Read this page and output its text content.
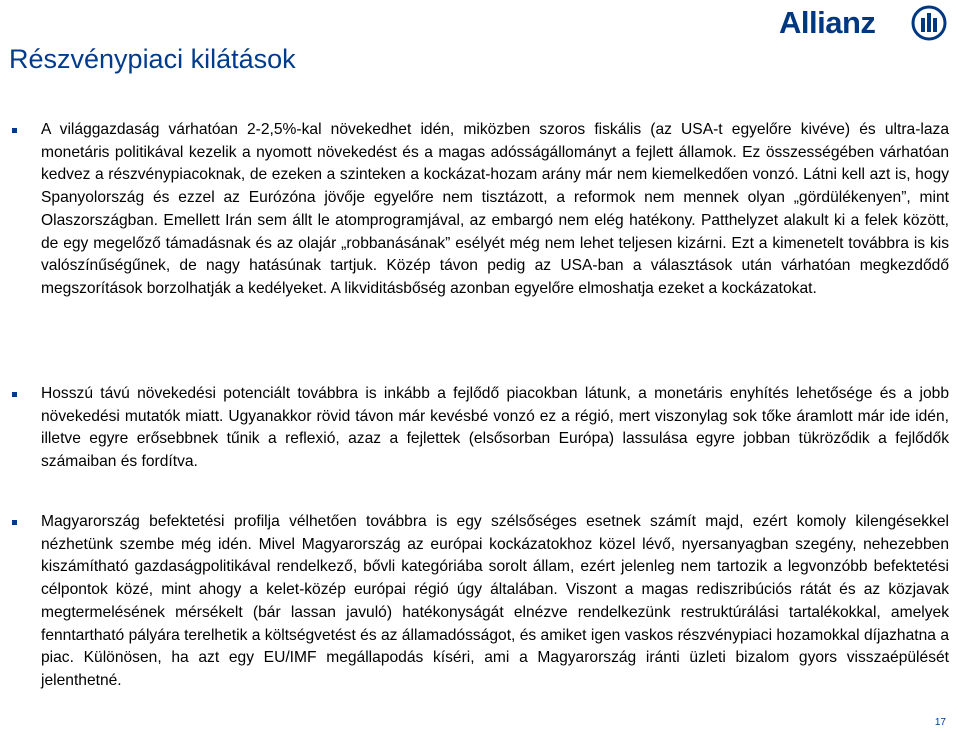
Részvénypiaci kilátások
Allianz
A világgazdaság várhatóan 2-2,5%-kal növekedhet idén, miközben szoros fiskális (az USA-t egyelőre kivéve) és ultra-laza monetáris politikával kezelik a nyomott növekedést és a magas adósságállományt a fejlett államok. Ez összességében várhatóan kedvez a részvénypiacoknak, de ezeken a szinteken a kockázat-hozam arány már nem kiemelkedően vonzó. Látni kell azt is, hogy Spanyolország és ezzel az Eurózóna jövője egyelőre nem tisztázott, a reformok nem mennek olyan „gördülékenyen”, mint Olaszországban. Emellett Irán sem állt le atomprogramjával, az embargó nem elég hatékony. Patthelyzet alakult ki a felek között, de egy megelőző támadásnak és az olajár „robbanásának” esélyét még nem lehet teljesen kizárni. Ezt a kimenetelt továbbra is kis valószínűségűnek, de nagy hatásúnak tartjuk. Közép távon pedig az USA-ban a választások után várhatóan megkezdődő megszorítások borzolhatják a kedélyeket. A likviditásbőség azonban egyelőre elmoshatja ezeket a kockázatokat.
Hosszú távú növekedési potenciált továbbra is inkább a fejlődő piacokban látunk, a monetáris enyhítés lehetősége és a jobb növekedési mutatók miatt. Ugyanakkor rövid távon már kevésbé vonzó ez a régió, mert viszonylag sok tőke áramlott már ide idén, illetve egyre erősebbnek tűnik a reflexió, azaz a fejlettek (elsősorban Európa) lassulása egyre jobban tükröződik a fejlődők számaiban és fordítva.
Magyarország befektetési profilja vélhetően továbbra is egy szélsőséges esetnek számít majd, ezért komoly kilengésekkel nézhetünk szembe még idén. Mivel Magyarország az európai kockázatokhoz közel lévő, nyersanyagban szegény, nehezebben kiszámítható gazdaságpolitikával rendelkező, bővli kategóriába sorolt állam, ezért jelenleg nem tartozik a legvonzóbb befektetési célpontok közé, mint ahogy a kelet-közép európai régió úgy általában. Viszont a magas rediszribúciós rátát és az közjavak megtermelésének mérsékelt (bár lassan javuló) hatékonyságát elnézve rendelkezünk restruktúrálási tartalékokkal, amelyek fenntartható pályára terelhetik a költségvetést és az államadósságot, és amiket igen vaskos részvénypiaci hozamokkal díjazhatna a piac. Különösen, ha azt egy EU/IMF megállapodás kíséri, ami a Magyarország iránti üzleti bizalom gyors visszaépülését jelenthetné.
17
